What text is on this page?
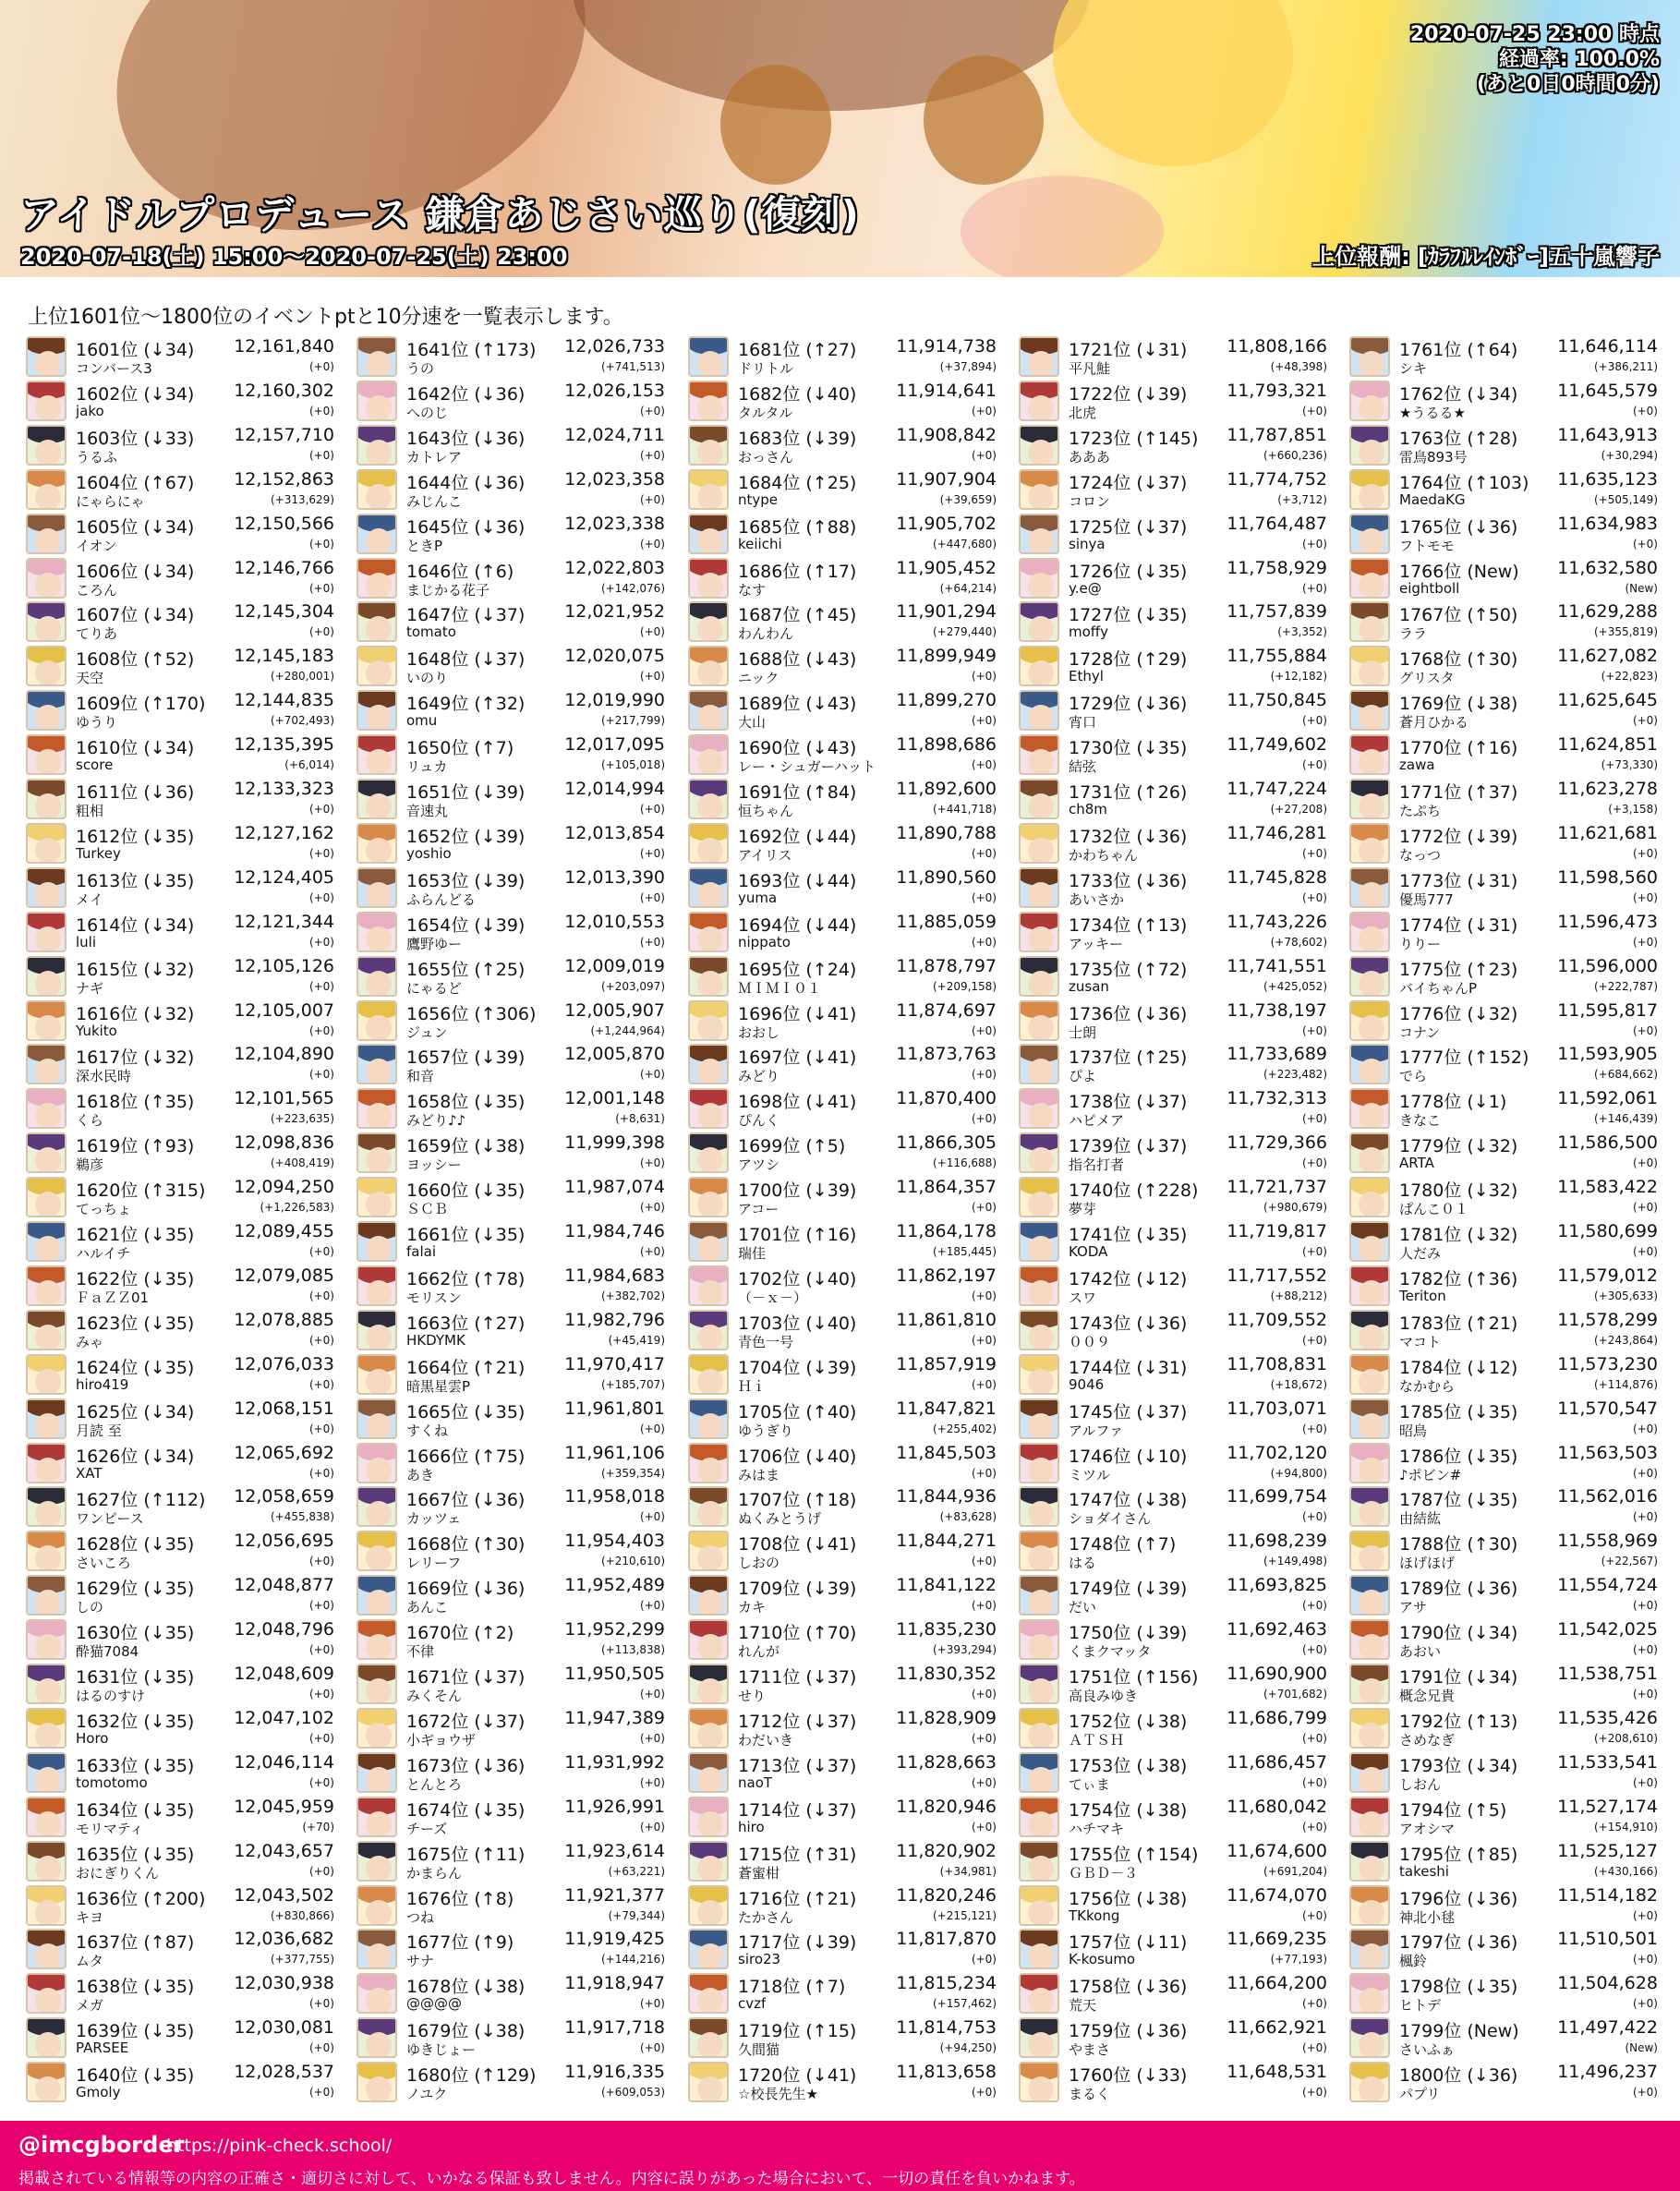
2020-07-25 23:00 時点
経過率: 100.0%
(あと0日0時間0分)
アイドルプロデュース 鎌倉あじさい巡り(復刻)
2020-07-18(土) 15:00～2020-07-25(土) 23:00	上位報酬: [ｶﾗﾌﾙﾚｲﾝﾎﾞｰ]五十嵐響子
上位1601位～1800位のイベントptと10分速を一覧表示します。
1601位 (↓34) 12,161,840
コンバース3	(+0)
1602位 (↓34) 12,160,302
jako	(+0)
1603位 (↓33) 12,157,710
うるふ	(+0)
1604位 (↑67) 12,152,863
にゃらにゃ	(+313,629)
1605位 (↓34) 12,150,566
イオン	(+0)
1606位 (↓34) 12,146,766
ころん	(+0)
1607位 (↓34) 12,145,304
てりあ	(+0)
1608位 (↑52) 12,145,183
天空	(+280,001)
1609位 (↑170) 12,144,835
ゆうり	(+702,493)
1610位 (↓34) 12,135,395
score	(+6,014)
1611位 (↓36) 12,133,323
粗相	(+0)
1612位 (↓35) 12,127,162
Turkey	(+0)
1613位 (↓35) 12,124,405
メイ	(+0)
1614位 (↓34) 12,121,344
luli	(+0)
1615位 (↓32) 12,105,126
ナギ	(+0)
1616位 (↓32) 12,105,007
Yukito	(+0)
1617位 (↓32) 12,104,890
深水民時	(+0)
1618位 (↑35) 12,101,565
くら	(+223,635)
1619位 (↑93) 12,098,836
鵜彦	(+408,419)
1620位 (↑315) 12,094,250
てっちょ	(+1,226,583)
1621位 (↓35) 12,089,455
ハルイチ	(+0)
1622位 (↓35) 12,079,085
ＦａＺＺ01	(+0)
1623位 (↓35) 12,078,885
みゃ	(+0)
1624位 (↓35) 12,076,033
hiro419	(+0)
1625位 (↓34) 12,068,151
月読 至	(+0)
1626位 (↓34) 12,065,692
XAT	(+0)
1627位 (↑112) 12,058,659
ワンピース	(+455,838)
1628位 (↓35) 12,056,695
さいころ	(+0)
1629位 (↓35) 12,048,877
しの	(+0)
1630位 (↓35) 12,048,796
酔猫7084	(+0)
1631位 (↓35) 12,048,609
はるのすけ	(+0)
1632位 (↓35) 12,047,102
Horo	(+0)
1633位 (↓35) 12,046,114
tomotomo	(+0)
1634位 (↓35) 12,045,959
モリマティ	(+70)
1635位 (↓35) 12,043,657
おにぎりくん	(+0)
1636位 (↑200) 12,043,502
キヨ	(+830,866)
1637位 (↑87) 12,036,682
ムタ	(+377,755)
1638位 (↓35) 12,030,938
メガ	(+0)
1639位 (↓35) 12,030,081
PARSEE	(+0)
1640位 (↓35) 12,028,537
Gmoly	(+0)
1641位 (↑173) 12,026,733
うの	(+741,513)
1642位 (↓36) 12,026,153
へのじ	(+0)
1643位 (↓36) 12,024,711
カトレア	(+0)
1644位 (↓36) 12,023,358
みじんこ	(+0)
1645位 (↓36) 12,023,338
ときP	(+0)
1646位 (↑6)	12,022,803
まじかる花子	(+142,076)
1647位 (↓37) 12,021,952
tomato	(+0)
1648位 (↓37) 12,020,075
いのり	(+0)
1649位 (↑32) 12,019,990
omu	(+217,799)
1650位 (↑7)	12,017,095
リュカ	(+105,018)
1651位 (↓39) 12,014,994
音速丸	(+0)
1652位 (↓39) 12,013,854
yoshio	(+0)
1653位 (↓39) 12,013,390
ふらんどる	(+0)
1654位 (↓39) 12,010,553
鷹野ゆー	(+0)
1655位 (↑25) 12,009,019
にゃるど	(+203,097)
1656位 (↑306) 12,005,907
ジュン	(+1,244,964)
1657位 (↓39) 12,005,870
和音	(+0)
1658位 (↓35) 12,001,148
みどり♪♪	(+8,631)
1659位 (↓38) 11,999,398
ヨッシー	(+0)
1660位 (↓35) 11,987,074
ＳＣＢ	(+0)
1661位 (↓35) 11,984,746
falai	(+0)
1662位 (↑78) 11,984,683
モリスン	(+382,702)
1663位 (↑27) 11,982,796
HKDYMK	(+45,419)
1664位 (↑21) 11,970,417
暗黒星雲P	(+185,707)
1665位 (↓35) 11,961,801
すくね	(+0)
1666位 (↑75) 11,961,106
あき	(+359,354)
1667位 (↓36) 11,958,018
カッツェ	(+0)
1668位 (↑30) 11,954,403
レリーフ	(+210,610)
1669位 (↓36) 11,952,489
あんこ	(+0)
1670位 (↑2)	11,952,299
不律	(+113,838)
1671位 (↓37) 11,950,505
みくそん	(+0)
1672位 (↓37) 11,947,389
小ギョウザ	(+0)
1673位 (↓36) 11,931,992
とんとろ	(+0)
1674位 (↓35) 11,926,991
チーズ	(+0)
1675位 (↑11) 11,923,614
かまらん	(+63,221)
1676位 (↑8)	11,921,377
つね	(+79,344)
1677位 (↑9)	11,919,425
サナ	(+144,216)
1678位 (↓38) 11,918,947
@@@@	(+0)
1679位 (↓38) 11,917,718
ゆきじょー	(+0)
1680位 (↑129) 11,916,335
ノユク	(+609,053)
1681位 (↑27) 11,914,738
ドリトル	(+37,894)
1682位 (↓40) 11,914,641
タルタル	(+0)
1683位 (↓39) 11,908,842
おっさん	(+0)
1684位 (↑25) 11,907,904
ntype	(+39,659)
1685位 (↑88) 11,905,702
keiichi	(+447,680)
1686位 (↑17) 11,905,452
なす	(+64,214)
1687位 (↑45) 11,901,294
わんわん	(+279,440)
1688位 (↓43) 11,899,949
ニック	(+0)
1689位 (↓43) 11,899,270
大山	(+0)
1690位 (↓43) 11,898,686
レー・シュガーハット	(+0)
1691位 (↑84) 11,892,600
恒ちゃん	(+441,718)
1692位 (↓44) 11,890,788
アイリス	(+0)
1693位 (↓44) 11,890,560
yuma	(+0)
1694位 (↓44) 11,885,059
nippato	(+0)
1695位 (↑24) 11,878,797
ＭＩＭＩ０１	(+209,158)
1696位 (↓41) 11,874,697
おおし	(+0)
1697位 (↓41) 11,873,763
みどり	(+0)
1698位 (↓41) 11,870,400
ぴんく	(+0)
1699位 (↑5)	11,866,305
アツシ	(+116,688)
1700位 (↓39) 11,864,357
アコー	(+0)
1701位 (↑16) 11,864,178
瑞佳	(+185,445)
1702位 (↓40) 11,862,197
（－ｘ－）	(+0)
1703位 (↓40) 11,861,810
青色一号	(+0)
1704位 (↓39) 11,857,919
Ｈｉ	(+0)
1705位 (↑40) 11,847,821
ゆうぎり	(+255,402)
1706位 (↓40) 11,845,503
みはま	(+0)
1707位 (↑18) 11,844,936
ぬくみとうげ	(+83,628)
1708位 (↓41) 11,844,271
しおの	(+0)
1709位 (↓39) 11,841,122
カキ	(+0)
1710位 (↑70) 11,835,230
れんが	(+393,294)
1711位 (↓37) 11,830,352
せり	(+0)
1712位 (↓37) 11,828,909
わだいき	(+0)
1713位 (↓37) 11,828,663
naoT	(+0)
1714位 (↓37) 11,820,946
hiro	(+0)
1715位 (↑31) 11,820,902
蒼蜜柑	(+34,981)
1716位 (↑21) 11,820,246
たかさん	(+215,121)
1717位 (↓39) 11,817,870
siro23	(+0)
1718位 (↑7)	11,815,234
cvzf	(+157,462)
1719位 (↑15) 11,814,753
久間猫	(+94,250)
1720位 (↓41) 11,813,658
☆校長先生★	(+0)
1721位 (↓31) 11,808,166
平凡鮭	(+48,398)
1722位 (↓39) 11,793,321
北虎	(+0)
1723位 (↑145) 11,787,851
あああ	(+660,236)
1724位 (↓37) 11,774,752
コロン	(+3,712)
1725位 (↓37) 11,764,487
sinya	(+0)
1726位 (↓35) 11,758,929
y.e@	(+0)
1727位 (↓35) 11,757,839
moffy	(+3,352)
1728位 (↑29) 11,755,884
Ethyl	(+12,182)
1729位 (↓36) 11,750,845
宵口	(+0)
1730位 (↓35) 11,749,602
結弦	(+0)
1731位 (↑26) 11,747,224
ch8m	(+27,208)
1732位 (↓36) 11,746,281
かわちゃん	(+0)
1733位 (↓36) 11,745,828
あいさか	(+0)
1734位 (↑13) 11,743,226
アッキー	(+78,602)
1735位 (↑72) 11,741,551
zusan	(+425,052)
1736位 (↓36) 11,738,197
士朗	(+0)
1737位 (↑25) 11,733,689
ぴよ	(+223,482)
1738位 (↓37) 11,732,313
ハピメア	(+0)
1739位 (↓37) 11,729,366
指名打者	(+0)
1740位 (↑228) 11,721,737
夢芽	(+980,679)
1741位 (↓35) 11,719,817
KODA	(+0)
1742位 (↓12) 11,717,552
スワ	(+88,212)
1743位 (↓36) 11,709,552
００９	(+0)
1744位 (↓31) 11,708,831
9046	(+18,672)
1745位 (↓37) 11,703,071
アルファ	(+0)
1746位 (↓10) 11,702,120
ミツル	(+94,800)
1747位 (↓38) 11,699,754
ショダイさん	(+0)
1748位 (↑7)	11,698,239
はる	(+149,498)
1749位 (↓39) 11,693,825
だい	(+0)
1750位 (↓39) 11,692,463
くまクマッタ	(+0)
1751位 (↑156) 11,690,900
高良みゆき	(+701,682)
1752位 (↓38) 11,686,799
ＡＴＳＨ	(+0)
1753位 (↓38) 11,686,457
てぃま	(+0)
1754位 (↓38) 11,680,042
ハチマキ	(+0)
1755位 (↑154) 11,674,600
ＧＢＤ－３	(+691,204)
1756位 (↓38) 11,674,070
TKkong	(+0)
1757位 (↓11) 11,669,235
K-kosumo	(+77,193)
1758位 (↓36) 11,664,200
荒天	(+0)
1759位 (↓36) 11,662,921
やまさ	(+0)
1760位 (↓33) 11,648,531
まるく	(+0)
1761位 (↑64) 11,646,114
シキ	(+386,211)
1762位 (↓34) 11,645,579
★うるる★	(+0)
1763位 (↑28) 11,643,913
雷鳥893号	(+30,294)
1764位 (↑103) 11,635,123
MaedaKG	(+505,149)
1765位 (↓36) 11,634,983
フトモモ	(+0)
1766位 (New) 11,632,580
eightboll	(New)
1767位 (↑50) 11,629,288
ララ	(+355,819)
1768位 (↑30) 11,627,082
グリスタ	(+22,823)
1769位 (↓38) 11,625,645
蒼月ひかる	(+0)
1770位 (↑16) 11,624,851
zawa	(+73,330)
1771位 (↑37) 11,623,278
たぷち	(+3,158)
1772位 (↓39) 11,621,681
なっつ	(+0)
1773位 (↓31) 11,598,560
優馬777	(+0)
1774位 (↓31) 11,596,473
りりー	(+0)
1775位 (↑23) 11,596,000
バイちゃんP	(+222,787)
1776位 (↓32) 11,595,817
コナン	(+0)
1777位 (↑152) 11,593,905
でら	(+684,662)
1778位 (↓1)	11,592,061
きなこ	(+146,439)
1779位 (↓32) 11,586,500
ARTA	(+0)
1780位 (↓32) 11,583,422
ぱんこ０１	(+0)
1781位 (↓32) 11,580,699
人だみ	(+0)
1782位 (↑36) 11,579,012
Teriton	(+305,633)
1783位 (↑21) 11,578,299
マコト	(+243,864)
1784位 (↓12) 11,573,230
なかむら	(+114,876)
1785位 (↓35) 11,570,547
昭鳥	(+0)
1786位 (↓35) 11,563,503
♪ポビン#	(+0)
1787位 (↓35) 11,562,016
由結紘	(+0)
1788位 (↑30) 11,558,969
ほげほげ	(+22,567)
1789位 (↓36) 11,554,724
アサ	(+0)
1790位 (↓34) 11,542,025
あおい	(+0)
1791位 (↓34) 11,538,751
概念兄貴	(+0)
1792位 (↑13) 11,535,426
さめなぎ	(+208,610)
1793位 (↓34) 11,533,541
しおん	(+0)
1794位 (↑5)	11,527,174
アオシマ	(+154,910)
1795位 (↑85) 11,525,127
takeshi	(+430,166)
1796位 (↓36) 11,514,182
神北小毬	(+0)
1797位 (↓36) 11,510,501
楓鈴	(+0)
1798位 (↓35) 11,504,628
ヒトデ	(+0)
1799位 (New) 11,497,422
さいふぁ	(New)
1800位 (↓36) 11,496,237
パプリ	(+0)
@imcgborder
https://pink-check.school/
掲載されている情報等の内容の正確さ・適切さに対して、いかなる保証も致しません。内容に誤りがあった場合において、一切の責任を負いかねます。
